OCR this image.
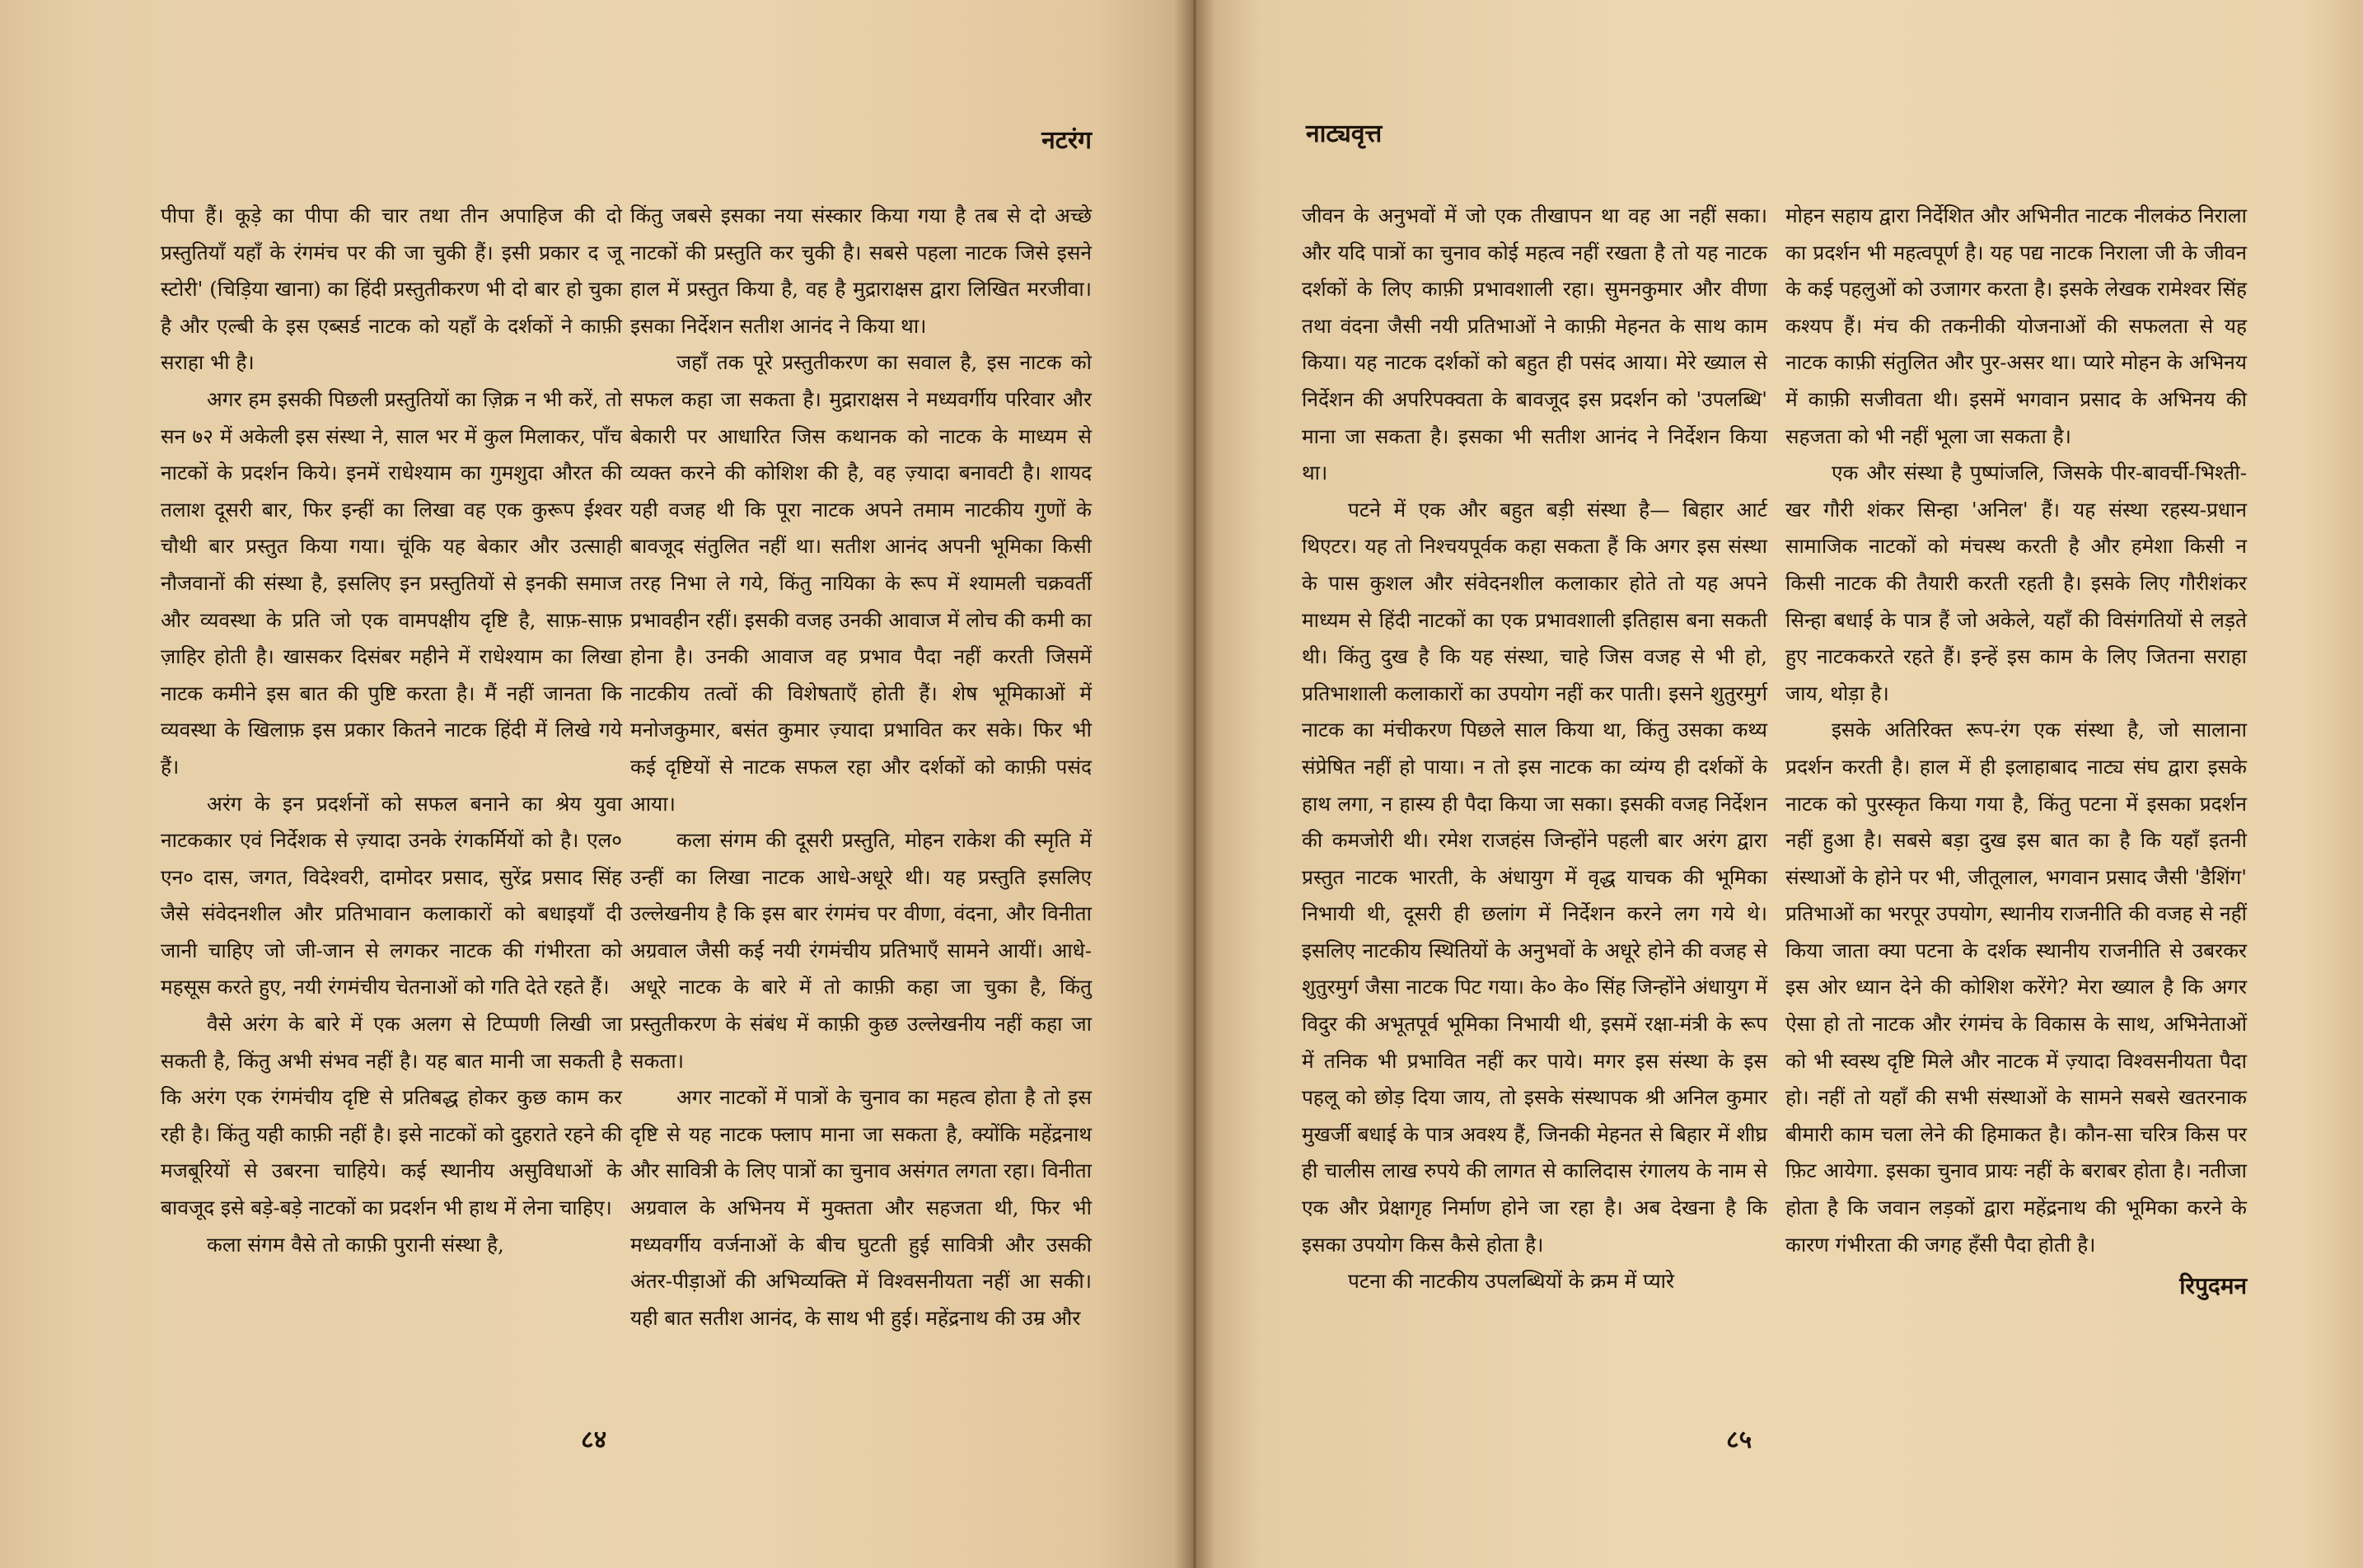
नटरंग

पीपा हैं। कूड़े का पीपा की चार तथा तीन अपाहिज की दो प्रस्तुतियाँ यहाँ के रंगमंच पर की जा चुकी हैं। इसी प्रकार द जू स्टोरी' (चिड़िया खाना) का हिंदी प्रस्तुतीकरण भी दो बार हो चुका है और एल्बी के इस एब्सर्ड नाटक को यहाँ के दर्शकों ने काफ़ी सराहा भी है।

अगर हम इसकी पिछली प्रस्तुतियों का ज़िक्र न भी करें, तो सन ७२ में अकेली इस संस्था ने, साल भर में कुल मिलाकर, पाँच नाटकों के प्रदर्शन किये। इनमें राधेश्याम का गुमशुदा औरत की तलाश दूसरी बार, फिर इन्हीं का लिखा वह एक कुरूप ईश्वर चौथी बार प्रस्तुत किया गया। चूंकि यह बेकार और उत्साही नौजवानों की संस्था है, इसलिए इन प्रस्तुतियों से इनकी समाज और व्यवस्था के प्रति जो एक वामपक्षीय दृष्टि है, साफ़-साफ़ ज़ाहिर होती है। खासकर दिसंबर महीने में राधेश्याम का लिखा नाटक कमीने इस बात की पुष्टि करता है। मैं नहीं जानता कि व्यवस्था के खिलाफ़ इस प्रकार कितने नाटक हिंदी में लिखे गये हैं।

अरंग के इन प्रदर्शनों को सफल बनाने का श्रेय युवा नाटककार एवं निर्देशक से ज़्यादा उनके रंगकर्मियों को है। एल० एन० दास, जगत, विदेश्वरी, दामोदर प्रसाद, सुरेंद्र प्रसाद सिंह जैसे संवेदनशील और प्रतिभावान कलाकारों को बधाइयाँ दी जानी चाहिए जो जी-जान से लगकर नाटक की गंभीरता को महसूस करते हुए, नयी रंगमंचीय चेतनाओं को गति देते रहते हैं।

वैसे अरंग के बारे में एक अलग से टिप्पणी लिखी जा सकती है, किंतु अभी संभव नहीं है। यह बात मानी जा सकती है कि अरंग एक रंगमंचीय दृष्टि से प्रतिबद्ध होकर कुछ काम कर रही है। किंतु यही काफ़ी नहीं है। इसे नाटकों को दुहराते रहने की मजबूरियों से उबरना चाहिये। कई स्थानीय असुविधाओं के बावजूद इसे बड़े-बड़े नाटकों का प्रदर्शन भी हाथ में लेना चाहिए।

कला संगम वैसे तो काफ़ी पुरानी संस्था है,

किंतु जबसे इसका नया संस्कार किया गया है तब से दो अच्छे नाटकों की प्रस्तुति कर चुकी है। सबसे पहला नाटक जिसे इसने हाल में प्रस्तुत किया है, वह है मुद्राराक्षस द्वारा लिखित मरजीवा। इसका निर्देशन सतीश आनंद ने किया था।

जहाँ तक पूरे प्रस्तुतीकरण का सवाल है, इस नाटक को सफल कहा जा सकता है। मुद्राराक्षस ने मध्यवर्गीय परिवार और बेकारी पर आधारित जिस कथानक को नाटक के माध्यम से व्यक्त करने की कोशिश की है, वह ज़्यादा बनावटी है। शायद यही वजह थी कि पूरा नाटक अपने तमाम नाटकीय गुणों के बावजूद संतुलित नहीं था। सतीश आनंद अपनी भूमिका किसी तरह निभा ले गये, किंतु नायिका के रूप में श्यामली चक्रवर्ती प्रभावहीन रहीं। इसकी वजह उनकी आवाज में लोच की कमी का होना है। उनकी आवाज वह प्रभाव पैदा नहीं करती जिसमें नाटकीय तत्वों की विशेषताएँ होती हैं। शेष भूमिकाओं में मनोजकुमार, बसंत कुमार ज़्यादा प्रभावित कर सके। फिर भी कई दृष्टियों से नाटक सफल रहा और दर्शकों को काफ़ी पसंद आया।

कला संगम की दूसरी प्रस्तुति, मोहन राकेश की स्मृति में उन्हीं का लिखा नाटक आधे-अधूरे थी। यह प्रस्तुति इसलिए उल्लेखनीय है कि इस बार रंगमंच पर वीणा, वंदना, और विनीता अग्रवाल जैसी कई नयी रंगमंचीय प्रतिभाएँ सामने आयीं। आधे-अधूरे नाटक के बारे में तो काफ़ी कहा जा चुका है, किंतु प्रस्तुतीकरण के संबंध में काफ़ी कुछ उल्लेखनीय नहीं कहा जा सकता।

अगर नाटकों में पात्रों के चुनाव का महत्व होता है तो इस दृष्टि से यह नाटक फ्लाप माना जा सकता है, क्योंकि महेंद्रनाथ और सावित्री के लिए पात्रों का चुनाव असंगत लगता रहा। विनीता अग्रवाल के अभिनय में मुक्तता और सहजता थी, फिर भी मध्यवर्गीय वर्जनाओं के बीच घुटती हुई सावित्री और उसकी अंतर-पीड़ाओं की अभिव्यक्ति में विश्वसनीयता नहीं आ सकी। यही बात सतीश आनंद, के साथ भी हुई। महेंद्रनाथ की उम्र और

८४
नाट्यवृत्त

जीवन के अनुभवों में जो एक तीखापन था वह आ नहीं सका। और यदि पात्रों का चुनाव कोई महत्व नहीं रखता है तो यह नाटक दर्शकों के लिए काफ़ी प्रभावशाली रहा। सुमनकुमार और वीणा तथा वंदना जैसी नयी प्रतिभाओं ने काफ़ी मेहनत के साथ काम किया। यह नाटक दर्शकों को बहुत ही पसंद आया। मेरे ख्याल से निर्देशन की अपरिपक्वता के बावजूद इस प्रदर्शन को 'उपलब्धि' माना जा सकता है। इसका भी सतीश आनंद ने निर्देशन किया था।

पटने में एक और बहुत बड़ी संस्था है— बिहार आर्ट थिएटर। यह तो निश्चयपूर्वक कहा सकता हैं कि अगर इस संस्था के पास कुशल और संवेदनशील कलाकार होते तो यह अपने माध्यम से हिंदी नाटकों का एक प्रभावशाली इतिहास बना सकती थी। किंतु दुख है कि यह संस्था, चाहे जिस वजह से भी हो, प्रतिभाशाली कलाकारों का उपयोग नहीं कर पाती। इसने शुतुरमुर्ग नाटक का मंचीकरण पिछले साल किया था, किंतु उसका कथ्य संप्रेषित नहीं हो पाया। न तो इस नाटक का व्यंग्य ही दर्शकों के हाथ लगा, न हास्य ही पैदा किया जा सका। इसकी वजह निर्देशन की कमजोरी थी। रमेश राजहंस जिन्होंने पहली बार अरंग द्वारा प्रस्तुत नाटक भारती, के अंधायुग में वृद्ध याचक की भूमिका निभायी थी, दूसरी ही छलांग में निर्देशन करने लग गये थे। इसलिए नाटकीय स्थितियों के अनुभवों के अधूरे होने की वजह से शुतुरमुर्ग जैसा नाटक पिट गया। के० के० सिंह जिन्होंने अंधायुग में विदुर की अभूतपूर्व भूमिका निभायी थी, इसमें रक्षा-मंत्री के रूप में तनिक भी प्रभावित नहीं कर पाये। मगर इस संस्था के इस पहलू को छोड़ दिया जाय, तो इसके संस्थापक श्री अनिल कुमार मुखर्जी बधाई के पात्र अवश्य हैं, जिनकी मेहनत से बिहार में शीघ्र ही चालीस लाख रुपये की लागत से कालिदास रंगालय के नाम से एक और प्रेक्षागृह निर्माण होने जा रहा है। अब देखना है कि इसका उपयोग किस कैसे होता है।

पटना की नाटकीय उपलब्धियों के क्रम में प्यारे

मोहन सहाय द्वारा निर्देशित और अभिनीत नाटक नीलकंठ निराला का प्रदर्शन भी महत्वपूर्ण है। यह पद्य नाटक निराला जी के जीवन के कई पहलुओं को उजागर करता है। इसके लेखक रामेश्वर सिंह कश्यप हैं। मंच की तकनीकी योजनाओं की सफलता से यह नाटक काफ़ी संतुलित और पुर-असर था। प्यारे मोहन के अभिनय में काफ़ी सजीवता थी। इसमें भगवान प्रसाद के अभिनय की सहजता को भी नहीं भूला जा सकता है।

एक और संस्था है पुष्पांजलि, जिसके पीर-बावर्ची-भिश्ती-खर गौरी शंकर सिन्हा 'अनिल' हैं। यह संस्था रहस्य-प्रधान सामाजिक नाटकों को मंचस्थ करती है और हमेशा किसी न किसी नाटक की तैयारी करती रहती है। इसके लिए गौरीशंकर सिन्हा बधाई के पात्र हैं जो अकेले, यहाँ की विसंगतियों से लड़ते हुए नाटककरते रहते हैं। इन्हें इस काम के लिए जितना सराहा जाय, थोड़ा है।

इसके अतिरिक्त रूप-रंग एक संस्था है, जो सालाना प्रदर्शन करती है। हाल में ही इलाहाबाद नाट्य संघ द्वारा इसके नाटक को पुरस्कृत किया गया है, किंतु पटना में इसका प्रदर्शन नहीं हुआ है। सबसे बड़ा दुख इस बात का है कि यहाँ इतनी संस्थाओं के होने पर भी, जीतूलाल, भगवान प्रसाद जैसी 'डैशिंग' प्रतिभाओं का भरपूर उपयोग, स्थानीय राजनीति की वजह से नहीं किया जाता क्या पटना के दर्शक स्थानीय राजनीति से उबरकर इस ओर ध्यान देने की कोशिश करेंगे? मेरा ख्याल है कि अगर ऐसा हो तो नाटक और रंगमंच के विकास के साथ, अभिनेताओं को भी स्वस्थ दृष्टि मिले और नाटक में ज़्यादा विश्वसनीयता पैदा हो। नहीं तो यहाँ की सभी संस्थाओं के सामने सबसे खतरनाक बीमारी काम चला लेने की हिमाकत है। कौन-सा चरित्र किस पर फ़िट आयेगा. इसका चुनाव प्रायः नहीं के बराबर होता है। नतीजा होता है कि जवान लड़कों द्वारा महेंद्रनाथ की भूमिका करने के कारण गंभीरता की जगह हँसी पैदा होती है।

रिपुदमन
८५
